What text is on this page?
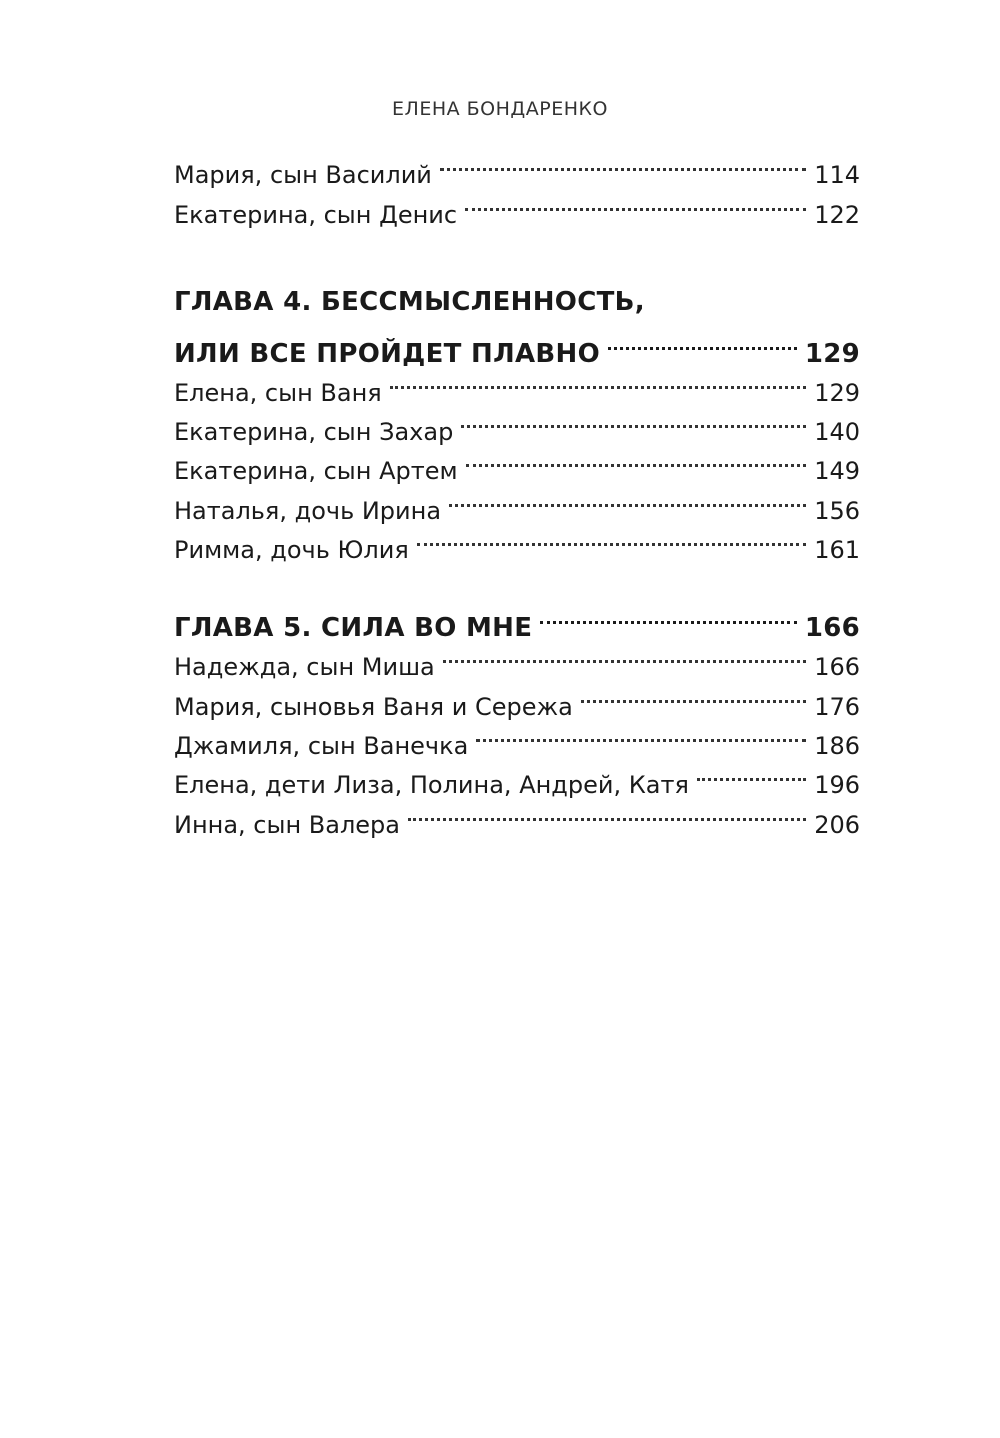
ЕЛЕНА БОНДАРЕНКО
Мария, сын Василий	114
Екатерина, сын Денис	122
ГЛАВА 4. БЕССМЫСЛЕННОСТЬ,
ИЛИ ВСЕ ПРОЙДЕТ ПЛАВНО	129
Елена, сын Ваня	129
Екатерина, сын Захар	140
Екатерина, сын Артем	149
Наталья, дочь Ирина	156
Римма, дочь Юлия	161
ГЛАВА 5. СИЛА ВО МНЕ	166
Надежда, сын Миша	166
Мария, сыновья Ваня и Сережа	176
Джамиля, сын Ванечка	186
Елена, дети Лиза, Полина, Андрей, Катя	196
Инна, сын Валера	206
